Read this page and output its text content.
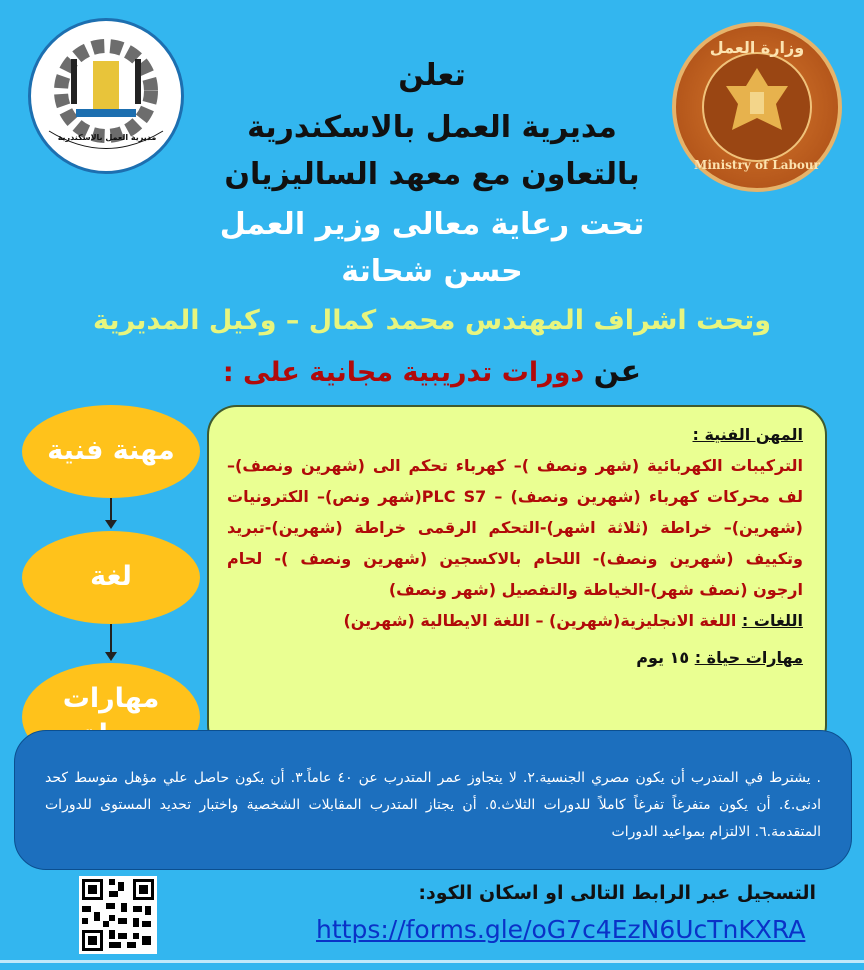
مديرية العمل بالاسكندرية
وزارة العمل
Ministry of Labour
تعلن
مديرية العمل بالاسكندرية
بالتعاون مع معهد الساليزيان
تحت رعاية معالى وزير العمل
حسن شحاتة
وتحت اشراف المهندس محمد كمال – وكيل المديرية
عن دورات تدريبية مجانية على :
مهنة فنية
لغة
مهارات
المهن الفنية :
التركيبات الكهربائية (شهر ونصف )– كهرباء تحكم الى (شهرين ونصف)– لف محركات كهرباء (شهرين ونصف) – PLC S7(شهر ونص)– الكترونيات (شهرين)– خراطة (ثلاثة اشهر)-التحكم الرقمى خراطة (شهرين)-تبريد وتكييف (شهرين ونصف)- اللحام بالاكسجين (شهرين ونصف )- لحام ارجون (نصف شهر)-الخياطة والتفصيل (شهر ونصف)
اللغات : اللغة الانجليزية(شهرين) – اللغة الايطالية (شهرين)
مهارات حياة : ١٥ يوم
. يشترط في المتدرب أن يكون مصري الجنسية.٢. لا يتجاوز عمر المتدرب عن ٤٠ عاماً.٣. أن يكون حاصل علي مؤهل متوسط كحد ادنى.٤. أن يكون متفرغاً تفرغاً كاملاً للدورات الثلاث.٥. أن يجتاز المتدرب المقابلات الشخصية واختبار تحديد المستوى للدورات المتقدمة.٦. الالتزام بمواعيد الدورات
التسجيل عبر الرابط التالى او اسكان الكود:
https://forms.gle/oG7c4EzN6UcTnKXRA
